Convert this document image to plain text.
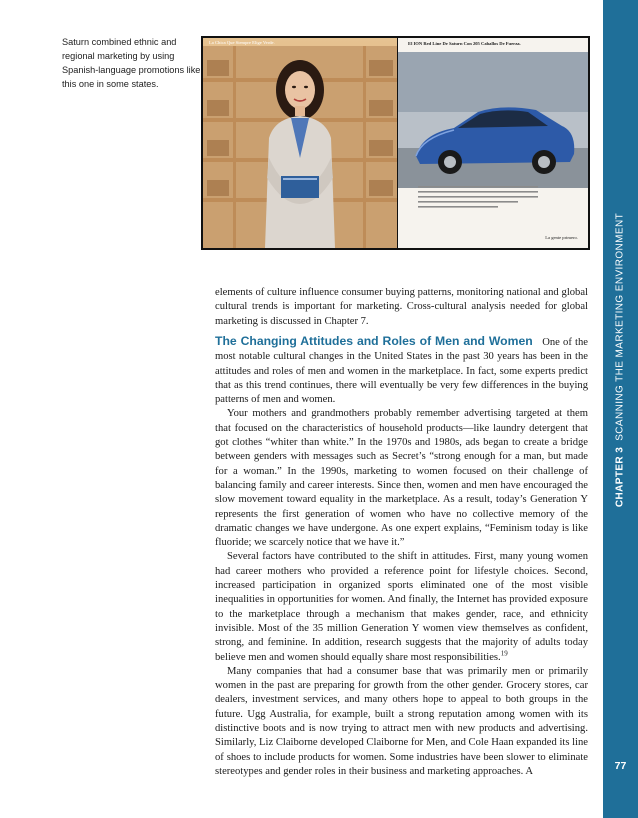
Saturn combined ethnic and regional marketing by using Spanish-language promotions like this one in some states.
La Chica Que Siempre Elige Verde.	El ION Red Line De Saturn Con 205 Caballos De Fuerza.
La gente primero.

elements of culture influence consumer buying patterns, monitoring national and global cultural trends is important for marketing. Cross-cultural analysis needed for global marketing is discussed in Chapter 7.

The Changing Attitudes and Roles of Men and Women One of the most notable cultural changes in the United States in the past 30 years has been in the attitudes and roles of men and women in the marketplace. In fact, some experts predict that as this trend continues, there will eventually be very few differences in the buying patterns of men and women.

Your mothers and grandmothers probably remember advertising targeted at them that focused on the characteristics of household products—like laundry detergent that got clothes “whiter than white.” In the 1970s and 1980s, ads began to create a bridge between genders with messages such as Secret’s “strong enough for a man, but made for a woman.” In the 1990s, marketing to women focused on their challenge of balancing family and career interests. Since then, women and men have encouraged the slow movement toward equality in the marketplace. As a result, today’s Generation Y represents the first generation of women who have no collective memory of the dramatic changes we have undergone. As one expert explains, “Feminism today is like fluoride; we scarcely notice that we have it.”

Several factors have contributed to the shift in attitudes. First, many young women had career mothers who provided a reference point for lifestyle choices. Second, increased participation in organized sports eliminated one of the most visible inequalities in opportunities for women. And finally, the Internet has provided exposure to the marketplace through a mechanism that makes gender, race, and ethnicity invisible. Most of the 35 million Generation Y women view themselves as confident, strong, and feminine. In addition, research suggests that the majority of adults today believe men and women should equally share most responsibilities.$^{19}$

Many companies that had a consumer base that was primarily men or primarily women in the past are preparing for growth from the other gender. Grocery stores, car dealers, investment services, and many others hope to appeal to both groups in the future. Ugg Australia, for example, built a strong reputation among women with its distinctive boots and is now trying to attract men with new products and advertising. Similarly, Liz Claiborne developed Claiborne for Men, and Cole Haan expanded its line of shoes to include products for women. Some industries have been slower to eliminate stereotypes and gender roles in their business and marketing approaches. A

CHAPTER 3SCANNING THE MARKETING ENVIRONMENT
77
